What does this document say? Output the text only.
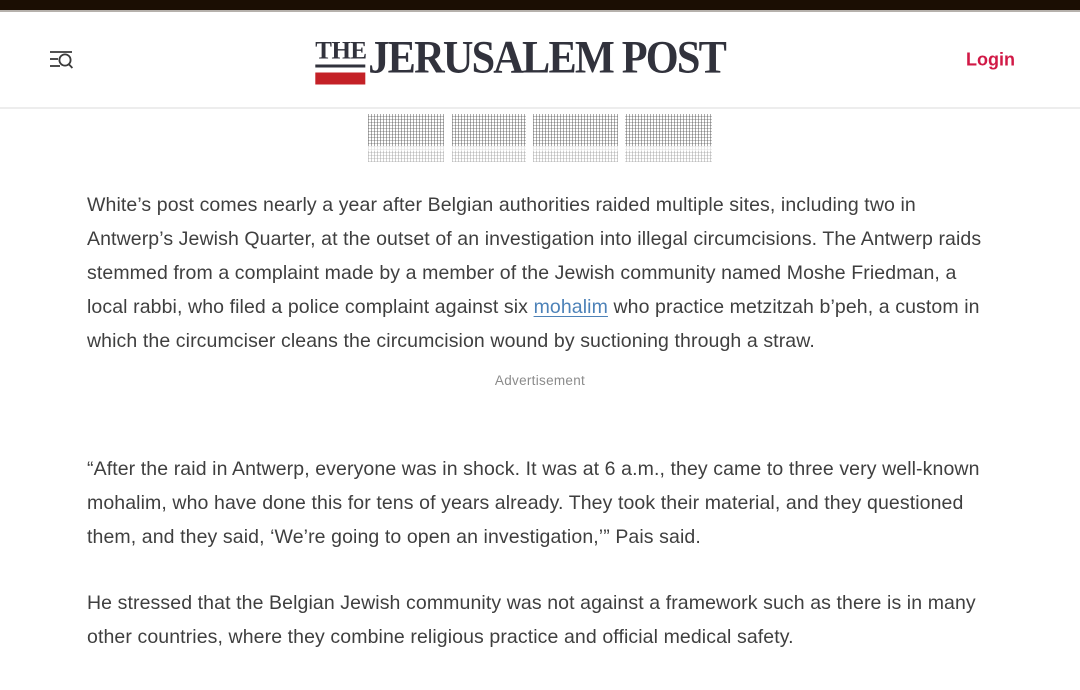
THE JERUSALEM POST	Login

White’s post comes nearly a year after Belgian authorities raided multiple sites, including two in Antwerp’s Jewish Quarter, at the outset of an investigation into illegal circumcisions. The Antwerp raids stemmed from a complaint made by a member of the Jewish community named Moshe Friedman, a local rabbi, who filed a police complaint against six mohalim who practice metzitzah b’peh, a custom in which the circumciser cleans the circumcision wound by suctioning through a straw.

Advertisement

“After the raid in Antwerp, everyone was in shock. It was at 6 a.m., they came to three very well-known mohalim, who have done this for tens of years already. They took their material, and they questioned them, and they said, ‘We’re going to open an investigation,’” Pais said.

He stressed that the Belgian Jewish community was not against a framework such as there is in many other countries, where they combine religious practice and official medical safety.
